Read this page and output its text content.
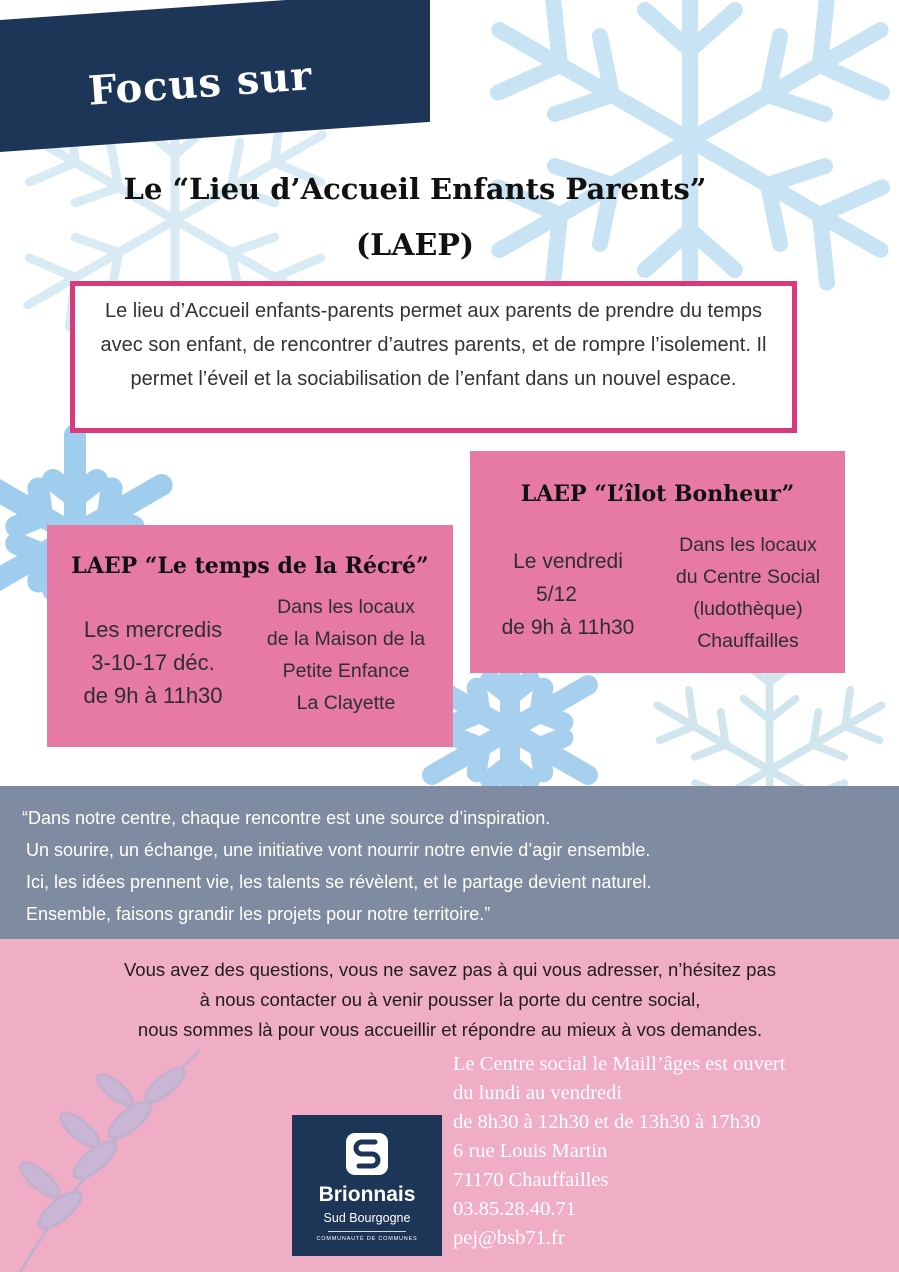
Focus sur
Le “Lieu d’Accueil Enfants Parents”
(LAEP)
Le lieu d’Accueil enfants-parents permet aux parents de prendre du temps avec son enfant, de rencontrer d’autres parents, et de rompre l’isolement. Il permet l’éveil et la sociabilisation de l’enfant dans un nouvel espace.
LAEP “L’îlot Bonheur”
Le vendredi
5/12
de 9h à 11h30
Dans les locaux
du Centre Social
(ludothèque)
Chauffailles
LAEP “Le temps de la Récré”
Les mercredis
3-10-17 déc.
de 9h à 11h30
Dans les locaux
de la Maison de la
Petite Enfance
La Clayette
“Dans notre centre, chaque rencontre est une source d’inspiration.
Un sourire, un échange, une initiative vont nourrir notre envie d’agir ensemble.
Ici, les idées prennent vie, les talents se révèlent, et le partage devient naturel.
Ensemble, faisons grandir les projets pour notre territoire.”
Vous avez des questions, vous ne savez pas à qui vous adresser, n’hésitez pas
à nous contacter ou à venir pousser la porte du centre social,
nous sommes là pour vous accueillir et répondre au mieux à vos demandes.
Brionnais
Sud Bourgogne
COMMUNAUTÉ DE COMMUNES
Le Centre social le Maill’âges est ouvert
du lundi au vendredi
de 8h30 à 12h30 et de 13h30 à 17h30
6 rue Louis Martin
71170 Chauffailles
03.85.28.40.71
pej@bsb71.fr
